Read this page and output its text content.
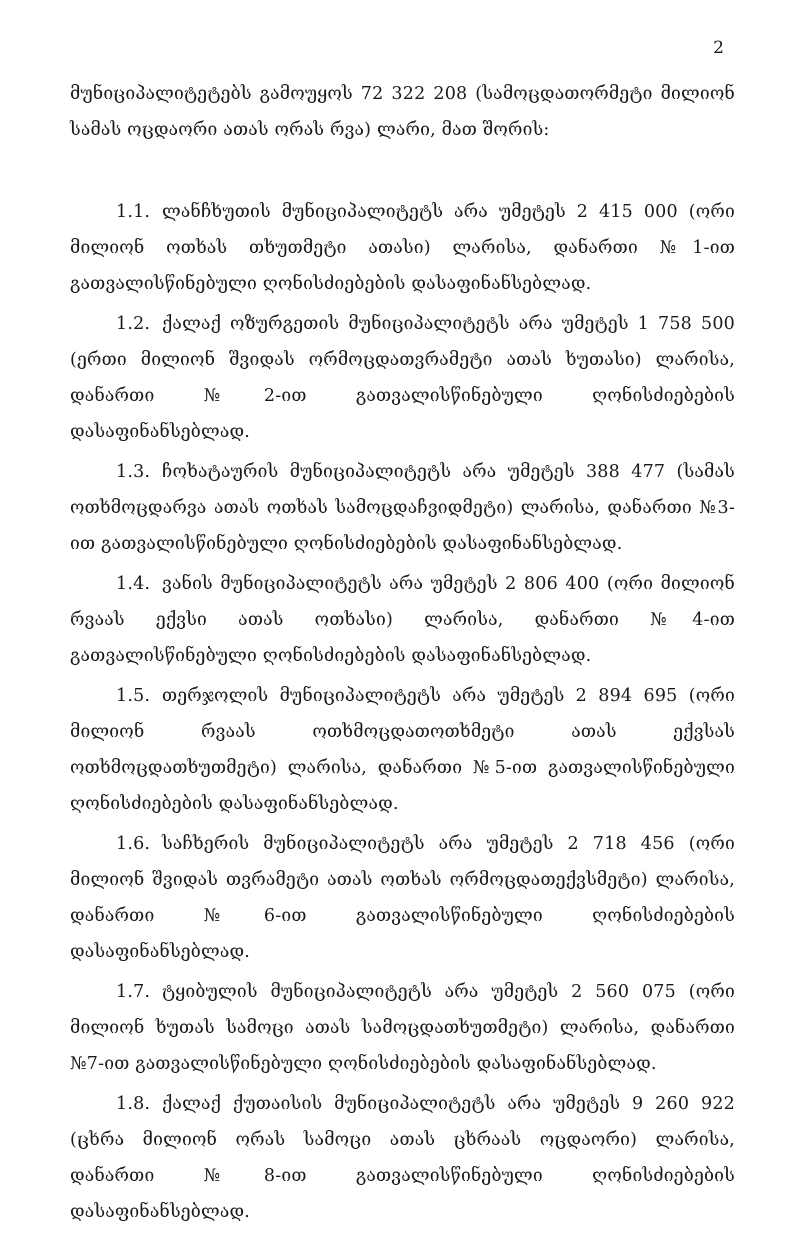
2

მუნიციპალიტეტებს გამოუყოს 72 322 208 (სამოცდათორმეტი მილიონ სამას ოცდაორი ათას ორას რვა) ლარი, მათ შორის:

1.1. ლანჩხუთის მუნიციპალიტეტს არა უმეტეს 2 415 000 (ორი მილიონ ოთხას თხუთმეტი ათასი) ლარისა, დანართი №1-ით გათვალისწინებული ღონისძიებების დასაფინანსებლად.

1.2. ქალაქ ოზურგეთის მუნიციპალიტეტს არა უმეტეს 1 758 500 (ერთი მილიონ შვიდას ორმოცდათვრამეტი ათას ხუთასი) ლარისა, დანართი №2-ით გათვალისწინებული ღონისძიებების დასაფინანსებლად.

1.3. ჩოხატაურის მუნიციპალიტეტს არა უმეტეს 388 477 (სამას ოთხმოცდარვა ათას ოთხას სამოცდაჩვიდმეტი) ლარისა, დანართი №3-ით გათვალისწინებული ღონისძიებების დასაფინანსებლად.

1.4. ვანის მუნიციპალიტეტს არა უმეტეს 2 806 400 (ორი მილიონ რვაას ექვსი ათას ოთხასი) ლარისა, დანართი №4-ით გათვალისწინებული ღონისძიებების დასაფინანსებლად.

1.5. თერჯოლის მუნიციპალიტეტს არა უმეტეს 2 894 695 (ორი მილიონ რვაას ოთხმოცდათოთხმეტი ათას ექვსას ოთხმოცდათხუთმეტი) ლარისა, დანართი №5-ით გათვალისწინებული ღონისძიებების დასაფინანსებლად.

1.6. საჩხერის მუნიციპალიტეტს არა უმეტეს 2 718 456 (ორი მილიონ შვიდას თვრამეტი ათას ოთხას ორმოცდათექვსმეტი) ლარისა, დანართი №6-ით გათვალისწინებული ღონისძიებების დასაფინანსებლად.

1.7. ტყიბულის მუნიციპალიტეტს არა უმეტეს 2 560 075 (ორი მილიონ ხუთას სამოცი ათას სამოცდათხუთმეტი) ლარისა, დანართი №7-ით გათვალისწინებული ღონისძიებების დასაფინანსებლად.

1.8. ქალაქ ქუთაისის მუნიციპალიტეტს არა უმეტეს 9 260 922 (ცხრა მილიონ ორას სამოცი ათას ცხრაას ოცდაორი) ლარისა, დანართი №8-ით გათვალისწინებული ღონისძიებების დასაფინანსებლად.
